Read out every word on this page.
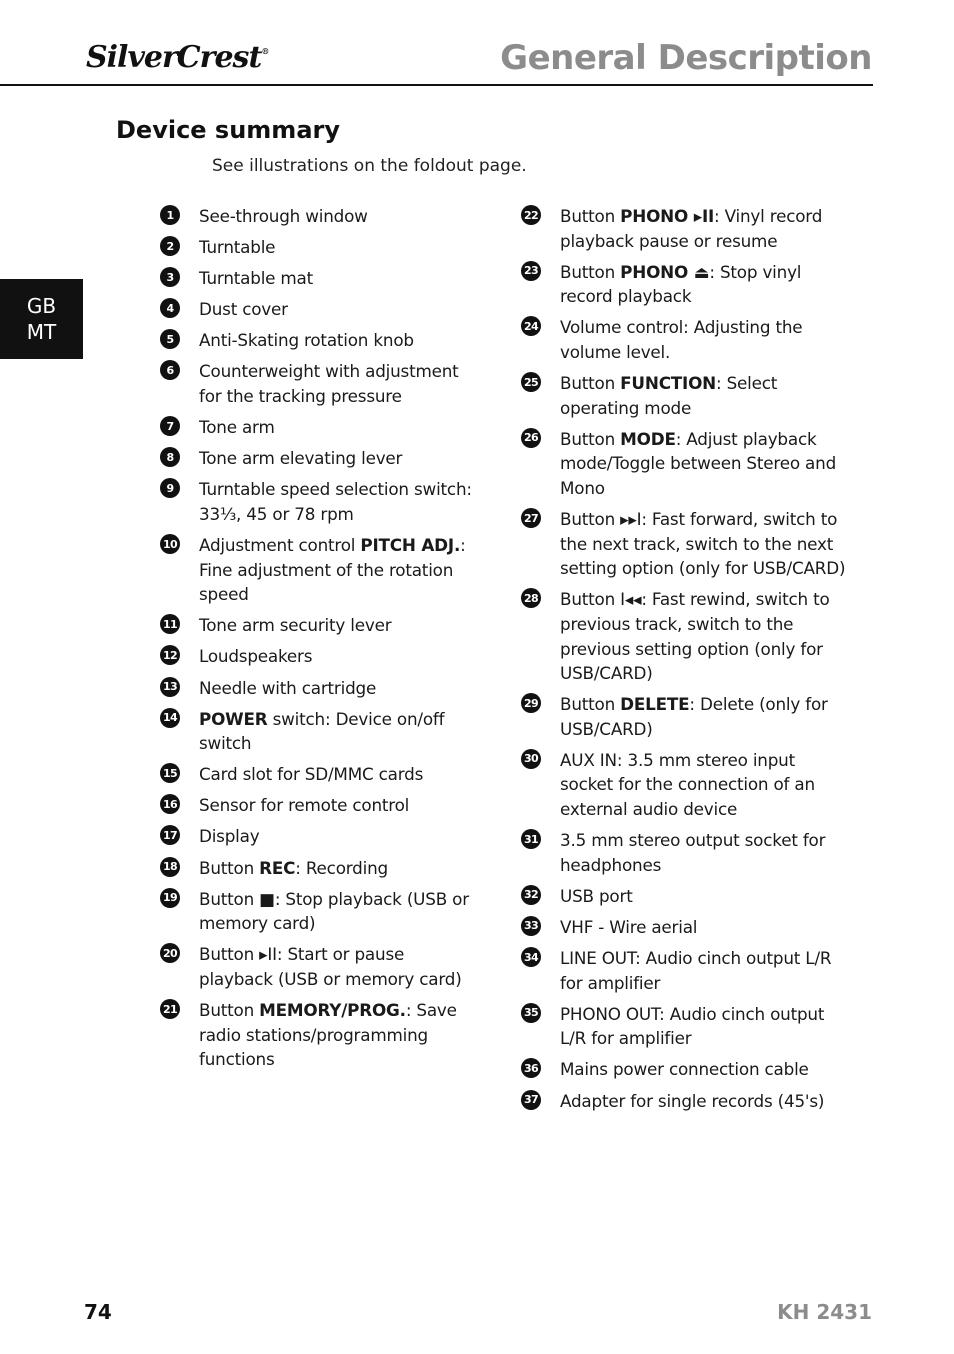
SilverCrest®	General Description
GB
MT
Device summary
See illustrations on the foldout page.
1	See-through window
2	Turntable
3	Turntable mat
4	Dust cover
5	Anti-Skating rotation knob
6	Counterweight with adjustment for the tracking pressure
7	Tone arm
8	Tone arm elevating lever
9	Turntable speed selection switch: 33⅓, 45 or 78 rpm
10 Adjustment control PITCH ADJ.: Fine adjustment of the rotation speed
11 Tone arm security lever
12 Loudspeakers
13 Needle with cartridge
14 POWER switch: Device on/off switch
15 Card slot for SD/MMC cards
16 Sensor for remote control
17 Display
18 Button REC: Recording
19 Button ■: Stop playback (USB or memory card)
20 Button ▸II: Start or pause playback (USB or memory card)
21 Button MEMORY/PROG.: Save radio stations/programming functions
22 Button PHONO ▸II: Vinyl record playback pause or resume
23 Button PHONO ⏏: Stop vinyl record playback
24 Volume control: Adjusting the volume level.
25 Button FUNCTION: Select operating mode
26 Button MODE: Adjust playback mode/Toggle between Stereo and Mono
27 Button ▸▸I: Fast forward, switch to the next track, switch to the next setting option (only for USB/CARD)
28 Button I◂◂: Fast rewind, switch to previous track, switch to the previous setting option (only for USB/CARD)
29 Button DELETE: Delete (only for USB/CARD)
30 AUX IN: 3.5 mm stereo input socket for the connection of an external audio device
31 3.5 mm stereo output socket for headphones
32 USB port
33 VHF - Wire aerial
34 LINE OUT: Audio cinch output L/R for amplifier
35 PHONO OUT: Audio cinch output L/R for amplifier
36 Mains power connection cable
37 Adapter for single records (45's)
74	KH 2431
